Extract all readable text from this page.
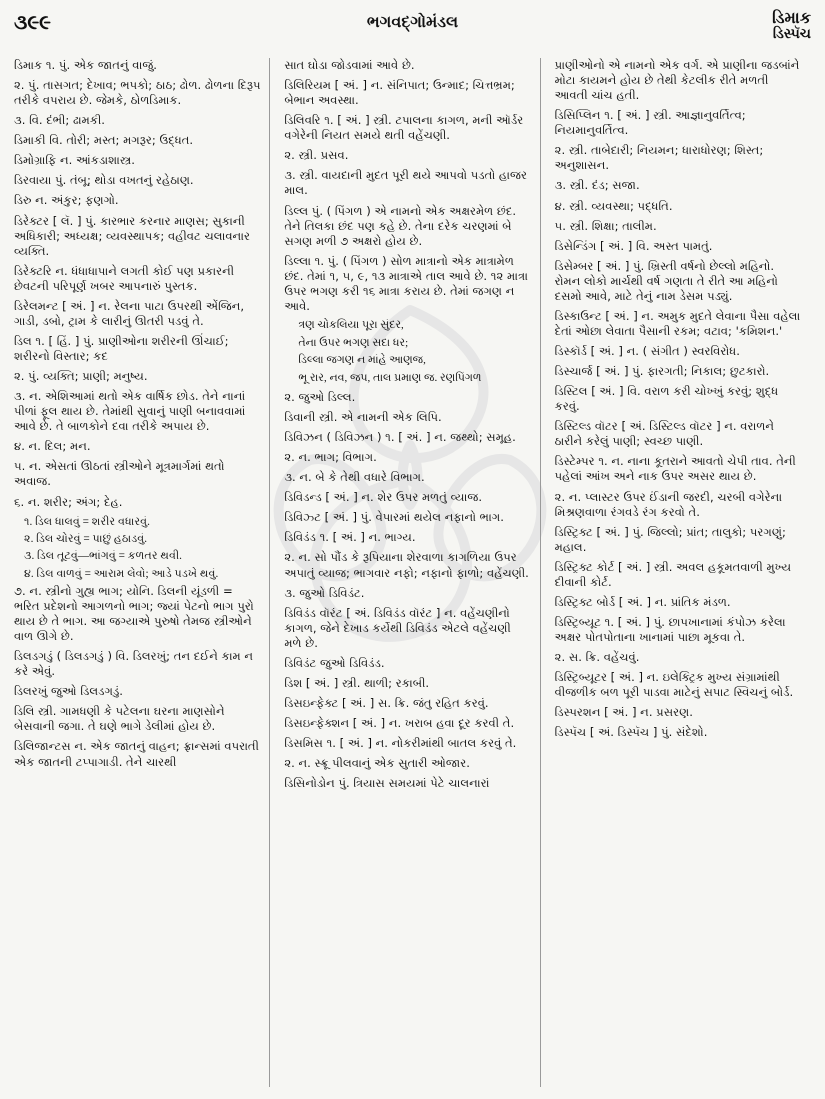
૩૯૯	ભગવદ્ગોમંડલ	ડિમાક
ડિસ્પૅચ
ડિમાક ૧. પું. એક જાતનું વાજું.
૨. પું. તાસગત; દેખાવ; ભપકો; ઠાઠ; ઢોળ. ઢોળના દિરૂપ તરીકે વપરાય છે. જેમકે, ઠોળડિમાક.
૩. વિ. દંભી; ઢામકી.
ડિમાકી વિ. તોરી; મસ્ત; મગરૂર; ઉદ્ધત.
ડિમોગ્રાફિ ન. આંકડાશાસ્ત્ર.
ડિરવાયા પું. તંબૂ; થોડા વખતનું રહેઠાણ.
ડિરુ ન. અંકુર; ફણગો.
ડિરેક્ટર [ લૅ. ] પું. કારભાર કરનાર માણસ; સુકાની અધિકારી; અધ્યક્ષ; વ્યવસ્થાપક; વહીવટ ચલાવનાર વ્યક્તિ.
ડિરેક્ટરિ ન. ધંધાધાપાને લગતી કોઈ પણ પ્રકારની છેવટની પરિપૂર્ણ ખબર આપનારું પુસ્તક.
ડિરેલમન્ટ [ અં. ] ન. રેલના પાટા ઉપરથી એંજિન, ગાડી, ડબો, ટ્રામ કે લારીનું ઊતરી પડવું તે.
ડિલ ૧. [ હિં. ] પું. પ્રાણીઓના શરીરની ઊંચાઈ; શરીરનો વિસ્તાર; કદ
૨. પું. વ્યક્તિ; પ્રાણી; મનુષ્ય.
૩. ન. એશિઆમાં થતો એક વાર્ષિક છોડ. તેને નાનાં પીળાં ફૂલ થાય છે. તેમાંથી સુવાનું પાણી બનાવવામાં આવે છે. તે બાળકોને દવા તરીકે અપાય છે.
૪. ન. દિલ; મન.
૫. ન. એસતાં ઊઠતાં સ્ત્રીઓને મૂત્રમાર્ગમાં થતો અવાજ.
૬. ન. શરીર; અંગ; દેહ.
૧. ડિલ ધાલવું = શરીર વધારવું.
૨. ડિલ ચોરવું = પાછું હઠાડવું.
૩. ડિલ તૂટવું—ભાંગવું = કળતર થવી.
૪. ડિલ વાળવું = આરામ લેવો; આડે પડખે થવું.
૭. ન. સ્ત્રીનો ગુહ્ય ભાગ; યોનિ. ડિલની યૂંડળી = ભરિત પ્રદેશનો આગળનો ભાગ; જ્યાં પેટનો ભાગ પુરો થાય છે તે ભાગ. આ જગ્યાએ પુરુષો તેમજ સ્ત્રીઓને વાળ ઊગે છે.
ડિલડગડું ( ડિલડગડું ) વિ. ડિલરખું; તન દઈને કામ ન કરે એવું.
ડિલરખું જુઓ ડિલડગડું.
ડિલિ સ્ત્રી. ગામધણી કે પટેલના ઘરના માણસોને બેસવાની જગા. તે ઘણે ભાગે ડેલીમાં હોય છે.
ડિલિજાન્ટસ ન. એક જાતનું વાહન; ફ્રાન્સમાં વપરાતી એક જાતની ટપ્પાગાડી. તેને ચારથી
સાત ઘોડા જોડવામાં આવે છે.
ડિલિરિયમ [ અં. ] ન. સંનિપાત; ઉન્માદ; ચિત્તભ્રમ; બેભાન અવસ્થા.
ડિલિવરિ ૧. [ અં. ] સ્ત્રી. ટપાલના કાગળ, મની ઑર્ડર વગેરેની નિયત સમયે થતી વહેંચણી.
૨. સ્ત્રી. પ્રસવ.
૩. સ્ત્રી. વાયદાની મુદત પૂરી થયે આપવો પડતો હાજર માલ.
ડિલ્લ પું. ( પિંગળ ) એ નામનો એક અક્ષરમેળ છંદ. તેને તિલકા છંદ પણ કહે છે. તેના દરેક ચરણમાં બે સગણ મળી ૭ અક્ષરો હોય છે.
ડિલ્લા ૧. પું. ( પિંગળ ) સોળ માત્રાનો એક માત્રામેળ છંદ. તેમાં ૧, ૫, ૯, ૧૩ માત્રાએ તાલ આવે છે. ૧૨ માત્રા ઉપર ભગણ કરી ૧૬ માત્રા કરાય છે. તેમાં જગણ ન આવે.
ત્રણ ચોકલિયા પૂરા સુંદર,
તેના ઉપર ભગણ સદા ધર;
ડિલ્લા જગણ ન માંહે આણજ,
ભૂ રાર, નવ, જપ, તાલ પ્રમાણ જ. રણપિંગળ
૨. જુઓ ડિલ્લ.
ડિવાની સ્ત્રી. એ નામની એક લિપિ.
ડિવિઝન ( ડિવિઝન ) ૧. [ અં. ] ન. જથ્થો; સમૂહ.
૨. ન. ભાગ; વિભાગ.
૩. ન. બે કે તેથી વધારે વિભાગ.
ડિવિડન્ડ [ અં. ] ન. શેર ઉપર મળતું વ્યાજ.
ડિવિઝ્ટ [ અં. ] પું. વેપારમાં થયેલ નફાનો ભાગ.
ડિવિડંડ ૧. [ અં. ] ન. ભાગ્ય.
૨. ન. સો પૌંડ કે રૂપિયાના શેરવાળા કાગળિયા ઉપર અપાતું વ્યાજ; ભાગવાર નફો; નફાનો ફાળો; વહેંચણી.
૩. જુઓ ડિવિડંટ.
ડિવિડંડ વૉરંટ [ અં. ડિવિડંડ વૉરંટ ] ન. વહેંચણીનો કાગળ, જેને દેખાડ કર્યેથી ડિવિડંડ એટલે વહેંચણી મળે છે.
ડિવિડંટ જુઓ ડિવિડંડ.
ડિશ [ અં. ] સ્ત્રી. થાળી; રકાબી.
ડિસઇન્ફેક્ટ [ અં. ] સ. ક્રિ. જંતુ રહિત કરવું.
ડિસઇન્ફેક્શન [ અં. ] ન. ખરાબ હવા દૂર કરવી તે.
ડિસમિસ ૧. [ અં. ] ન. નોકરીમાંથી બાતલ કરવું તે.
૨. ન. સ્ક્રૂ પીલવાનું એક સુતારી ઓજાર.
ડિસિનોડોન પું. ત્રિયાસ સમયમાં પેટે ચાલનારાં
પ્રાણીઓનો એ નામનો એક વર્ગ. એ પ્રાણીના જડબાંને મોટા કાયમને હોય છે તેથી કેટલીક રીતે મળતી આવતી ચાંચ હતી.
ડિસિપ્લિન ૧. [ અં. ] સ્ત્રી. આજ્ઞાનુવર્તિત્વ; નિયમાનુવર્તિત્વ.
૨. સ્ત્રી. તાબેદારી; નિયમન; ધારાધોરણ; શિસ્ત; અનુશાસન.
૩. સ્ત્રી. દંડ; સજા.
૪. સ્ત્રી. વ્યવસ્થા; પદ્ધતિ.
૫. સ્ત્રી. શિક્ષા; તાલીમ.
ડિસેન્ડિંગ [ અં. ] વિ. અસ્ત પામતું.
ડિસેમ્બર [ અં. ] પું. ખ્રિસ્તી વર્ષનો છેલ્લો મહિનો. રોમન લોકો માર્ચથી વર્ષ ગણતા તે રીતે આ મહિનો દસમો આવે, માટે તેનું નામ ડેસમ પડ્યું.
ડિસ્કાઉન્ટ [ અં. ] ન. અમુક મુદતે લેવાના પૈસા વહેલા દેતાં ઓછા લેવાતા પૈસાની રકમ; વટાવ; 'કમિશન.'
ડિસ્કૉર્ડ [ અં. ] ન. ( સંગીત ) સ્વરવિરોધ.
ડિસ્ચાર્જ [ અં. ] પું. ફારગતી; નિકાલ; છુટકારો.
ડિસ્ટિલ [ અં. ] વિ. વરાળ કરી ચોખ્ખું કરવું; શુદ્ધ કરવું.
ડિસ્ટિલ્ડ વૉટર [ અં. ડિસ્ટિલ્ડ વૉટર ] ન. વરાળને ઠારીને કરેલું પાણી; સ્વચ્છ પાણી.
ડિસ્ટેમ્પર ૧. ન. નાના કૂતરાને આવતો ચેપી તાવ. તેની પહેલાં આંખ અને નાક ઉપર અસર થાય છે.
૨. ન. પ્લાસ્ટર ઉપર ઈંડાની જરદી, ચરબી વગેરેના મિશ્રણવાળા રંગવડે રંગ કરવો તે.
ડિસ્ટ્રિક્ટ [ અં. ] પું. જિલ્લો; પ્રાંત; તાલુકો; પરગણું; મહાલ.
ડિસ્ટ્રિક્ટ કોર્ટ [ અં. ] સ્ત્રી. અવલ હકૂમતવાળી મુખ્ય દીવાની કોર્ટ.
ડિસ્ટ્રિક્ટ બોર્ડ [ અં. ] ન. પ્રાંતિક મંડળ.
ડિસ્ટ્રિબ્યૂટ ૧. [ અં. ] પું. છાપખાનામાં કંપોઝ કરેલા અક્ષર પોતપોતાના ખાનામાં પાછા મૂકવા તે.
૨. સ. ક્રિ. વહેંચવું.
ડિસ્ટ્રિબ્યૂટર [ અં. ] ન. ઇલેક્ટ્રિક મુખ્ય સંગ્રામાંથી વીજળીક બળ પૂરી પાડવા માટેનું સપાટ સ્વિચનું બોર્ડ.
ડિસ્પરશન [ અં. ] ન. પ્રસરણ.
ડિસ્પૅચ [ અં. ડિસ્પૅચ ] પું. સંદેશો.
